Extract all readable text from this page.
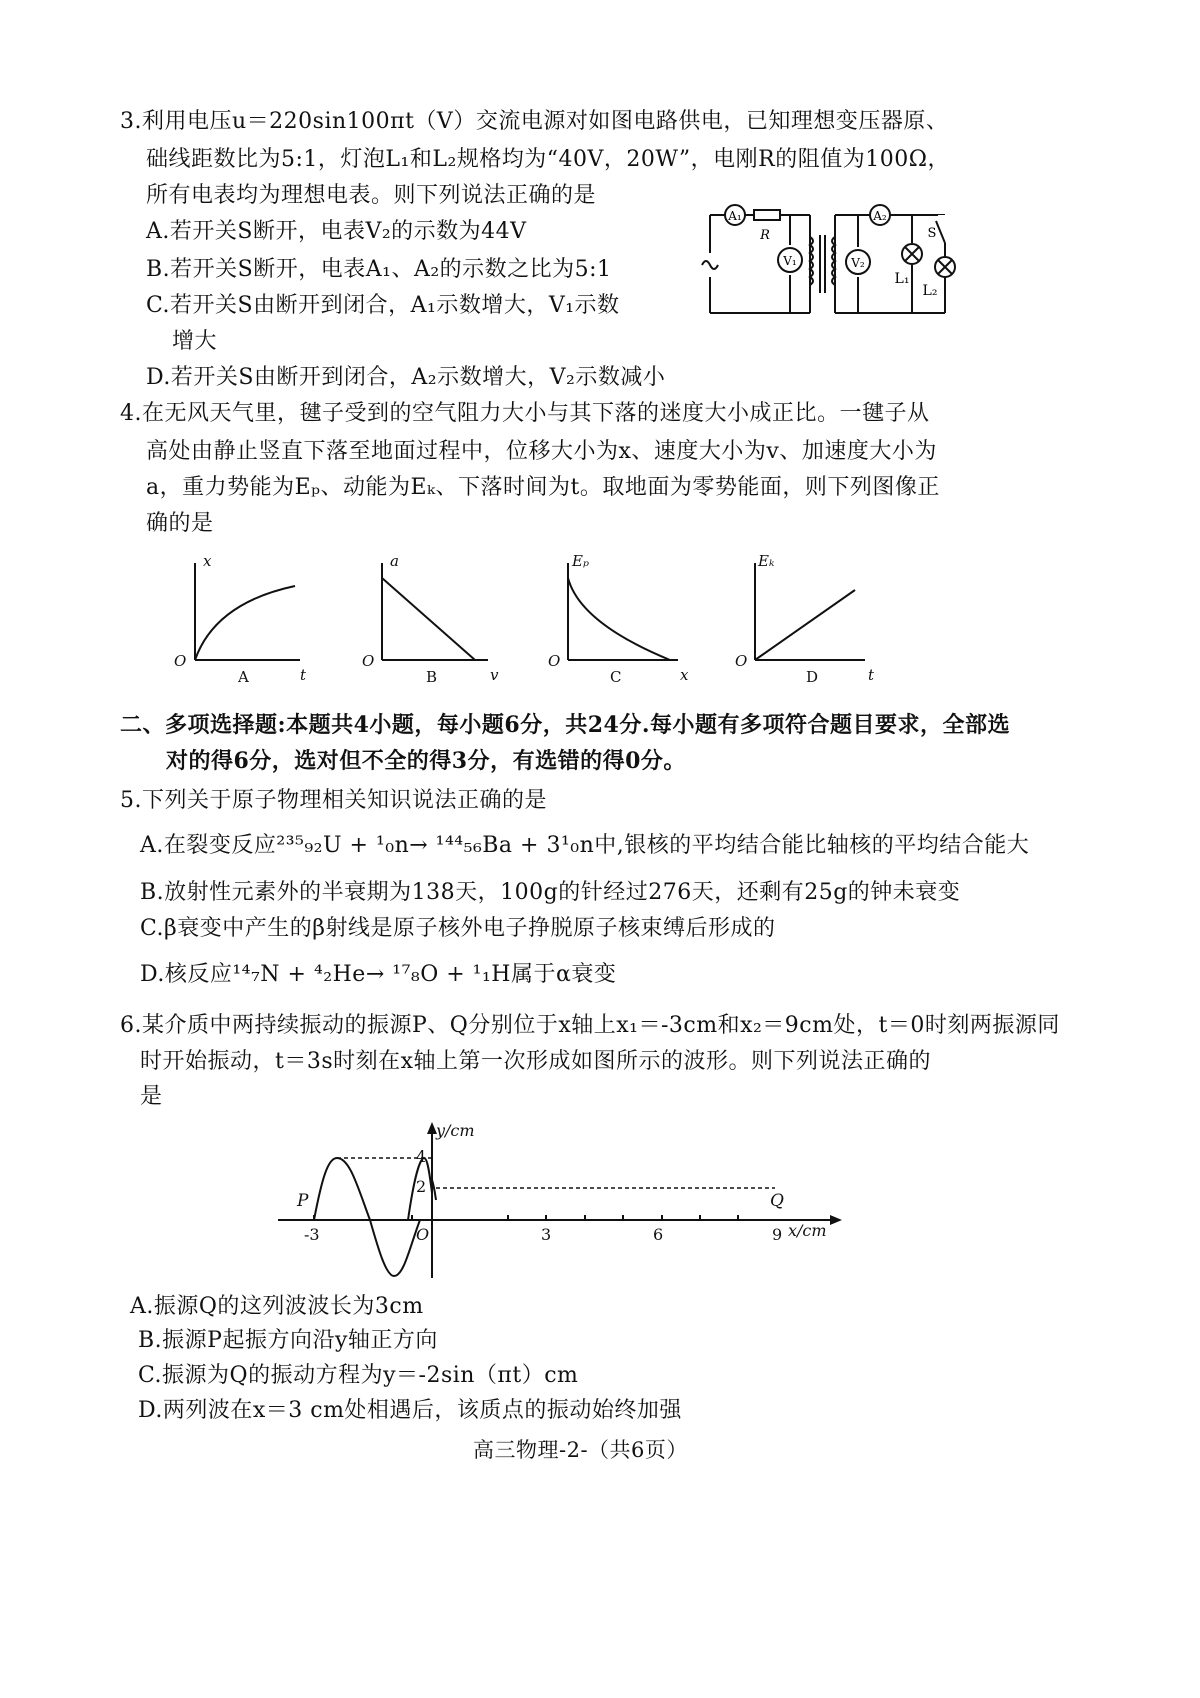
3.利用电压u＝220sin100πt（V）交流电源对如图电路供电，已知理想变压器原、
础线距数比为5:1，灯泡L₁和L₂规格均为“40V，20W”，电刚R的阻值为100Ω，
所有电表均为理想电表。则下列说法正确的是
A.若开关S断开，电表V₂的示数为44V
B.若开关S断开，电表A₁、A₂的示数之比为5:1
C.若开关S由断开到闭合，A₁示数增大，V₁示数
增大
D.若开关S由断开到闭合，A₂示数增大，V₂示数减小
A₁
R
V₁
A₂
V₂
L₁
S
L₂
4.在无风天气里，毽子受到的空气阻力大小与其下落的迷度大小成正比。一毽子从
高处由静止竖直下落至地面过程中，位移大小为x、速度大小为v、加速度大小为
a，重力势能为Eₚ、动能为Eₖ、下落时间为t。取地面为零势能面，则下列图像正
确的是
x
t
O
A
a
v
O
B
Eₚ
x
O
C
Eₖ
t
O
D
二、多项选择题:本题共4小题，每小题6分，共24分.每小题有多项符合题目要求，全部选
对的得6分，选对但不全的得3分，有选错的得0分。
5.下列关于原子物理相关知识说法正确的是
A.在裂变反应²³⁵₉₂U + ¹₀n→ ¹⁴⁴₅₆Ba + 3¹₀n中,银核的平均结合能比轴核的平均结合能大
B.放射性元素外的半衰期为138天，100g的针经过276天，还剩有25g的钟未衰变
C.β衰变中产生的β射线是原子核外电子挣脱原子核束缚后形成的
D.核反应¹⁴₇N + ⁴₂He→ ¹⁷₈O + ¹₁H属于α衰变
6.某介质中两持续振动的振源P、Q分别位于x轴上x₁＝-3cm和x₂＝9cm处，t＝0时刻两振源同
时开始振动，t＝3s时刻在x轴上第一次形成如图所示的波形。则下列说法正确的
是
y/cm
x/cm
4
2
O
-3	3	6	9
P	Q
A.振源Q的这列波波长为3cm
B.振源P起振方向沿y轴正方向
C.振源为Q的振动方程为y＝-2sin（πt）cm
D.两列波在x＝3 cm处相遇后，该质点的振动始终加强
高三物理-2-（共6页）
